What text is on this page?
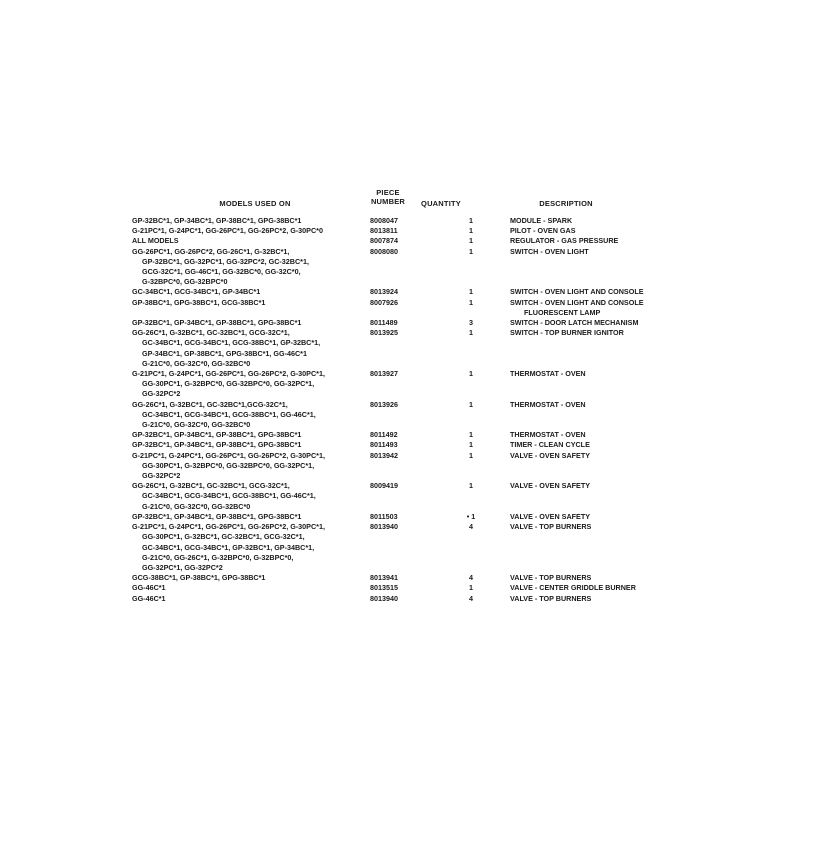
MODELS USED ON
PIECE
NUMBER	QUANTITY	DESCRIPTION
GP-32BC*1, GP-34BC*1, GP-38BC*1, GPG-38BC*1	8008047	1	MODULE - SPARK

G-21PC*1, G-24PC*1, GG-26PC*1, GG-26PC*2, G-30PC*0	8013811	1	PILOT - OVEN GAS

ALL MODELS	8007874	1	REGULATOR - GAS PRESSURE

GG-26PC*1, GG-26PC*2, GG-26C*1, G-32BC*1,
GP-32BC*1, GG-32PC*1, GG-32PC*2, GC-32BC*1,
GCG-32C*1, GG-46C*1, GG-32BC*0, GG-32C*0,
G-32BPC*0, GG-32BPC*0	8008080	1	SWITCH - OVEN LIGHT

GC-34BC*1, GCG-34BC*1, GP-34BC*1	8013924	1	SWITCH - OVEN LIGHT AND CONSOLE

GP-38BC*1, GPG-38BC*1, GCG-38BC*1	8007926	1	SWITCH - OVEN LIGHT AND CONSOLE
FLUORESCENT LAMP

GP-32BC*1, GP-34BC*1, GP-38BC*1, GPG-38BC*1	8011489	3	SWITCH - DOOR LATCH MECHANISM

GG-26C*1, G-32BC*1, GC-32BC*1, GCG-32C*1,
GC-34BC*1, GCG-34BC*1, GCG-38BC*1, GP-32BC*1,
GP-34BC*1, GP-38BC*1, GPG-38BC*1, GG-46C*1
G-21C*0, GG-32C*0, GG-32BC*0	8013925	1	SWITCH - TOP BURNER IGNITOR

G-21PC*1, G-24PC*1, GG-26PC*1, GG-26PC*2, G-30PC*1,
GG-30PC*1, G-32BPC*0, GG-32BPC*0, GG-32PC*1,
GG-32PC*2	8013927	1	THERMOSTAT - OVEN

GG-26C*1, G-32BC*1, GC-32BC*1,GCG-32C*1,
GC-34BC*1, GCG-34BC*1, GCG-38BC*1, GG-46C*1,
G-21C*0, GG-32C*0, GG-32BC*0	8013926	1	THERMOSTAT - OVEN

GP-32BC*1, GP-34BC*1, GP-38BC*1, GPG-38BC*1	8011492	1	THERMOSTAT - OVEN

GP-32BC*1, GP-34BC*1, GP-38BC*1, GPG-38BC*1	8011493	1	TIMER - CLEAN CYCLE

G-21PC*1, G-24PC*1, GG-26PC*1, GG-26PC*2, G-30PC*1,
GG-30PC*1, G-32BPC*0, GG-32BPC*0, GG-32PC*1,
GG-32PC*2	8013942	1	VALVE - OVEN SAFETY

GG-26C*1, G-32BC*1, GC-32BC*1, GCG-32C*1,
GC-34BC*1, GCG-34BC*1, GCG-38BC*1, GG-46C*1,
G-21C*0, GG-32C*0, GG-32BC*0	8009419	1	VALVE - OVEN SAFETY

GP-32BC*1, GP-34BC*1, GP-38BC*1, GPG-38BC*1	8011503	• 1	VALVE - OVEN SAFETY

G-21PC*1, G-24PC*1, GG-26PC*1, GG-26PC*2, G-30PC*1,
GG-30PC*1, G-32BC*1, GC-32BC*1, GCG-32C*1,
GC-34BC*1, GCG-34BC*1, GP-32BC*1, GP-34BC*1,
G-21C*0, GG-26C*1, G-32BPC*0, G-32BPC*0,
GG-32PC*1, GG-32PC*2	8013940	4	VALVE - TOP BURNERS

GCG-38BC*1, GP-38BC*1, GPG-38BC*1	8013941	4	VALVE - TOP BURNERS

GG-46C*1	8013515	1	VALVE - CENTER GRIDDLE BURNER

GG-46C*1	8013940	4	VALVE - TOP BURNERS
